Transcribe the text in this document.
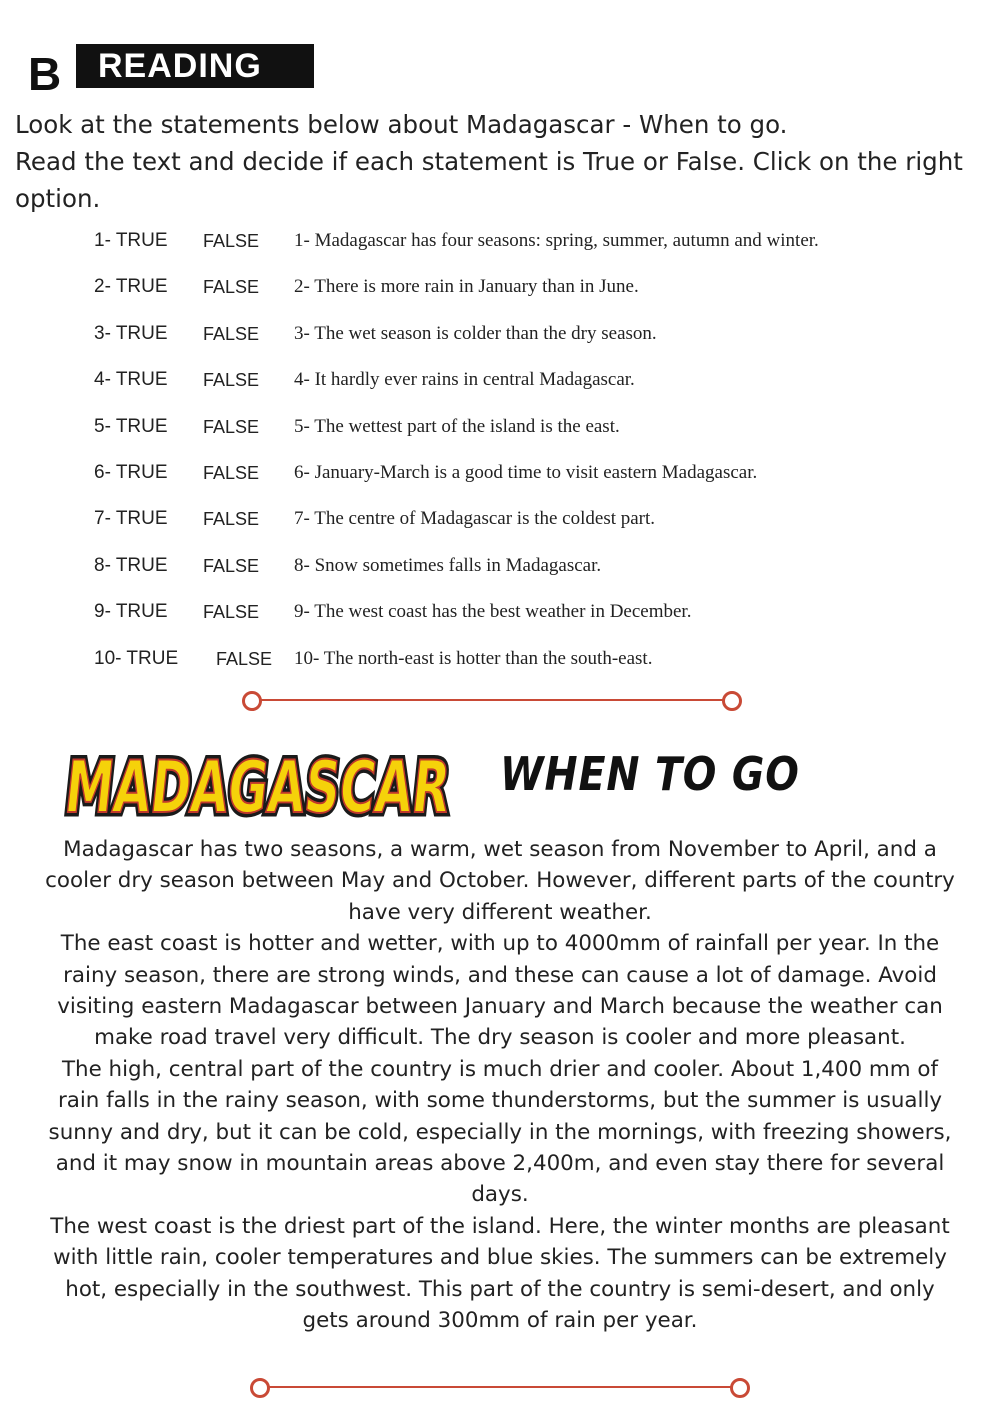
B	READING

Look at the statements below about Madagascar - When to go.

Read the text and decide if each statement is True or False. Click on the right option.

1- TRUE FALSE 1- Madagascar has four seasons: spring, summer, autumn and winter.
2- TRUE FALSE 2- There is more rain in January than in June.
3- TRUE FALSE 3- The wet season is colder than the dry season.
4- TRUE FALSE 4- It hardly ever rains in central Madagascar.
5- TRUE FALSE 5- The wettest part of the island is the east.
6- TRUE FALSE 6- January-March is a good time to visit eastern Madagascar.
7- TRUE FALSE 7- The centre of Madagascar is the coldest part.
8- TRUE FALSE 8- Snow sometimes falls in Madagascar.
9- TRUE FALSE 9- The west coast has the best weather in December.
10- TRUE FALSE 10- The north-east is hotter than the south-east.
MADAGASCAR
MADAGASCAR
WHEN TO GO

Madagascar has two seasons, a warm, wet season from November to April, and a cooler dry season between May and October. However, different parts of the country have very different weather.

The east coast is hotter and wetter, with up to 4000mm of rainfall per year. In the rainy season, there are strong winds, and these can cause a lot of damage. Avoid visiting eastern Madagascar between January and March because the weather can make road travel very difficult. The dry season is cooler and more pleasant.

The high, central part of the country is much drier and cooler. About 1,400 mm of rain falls in the rainy season, with some thunderstorms, but the summer is usually sunny and dry, but it can be cold, especially in the mornings, with freezing showers, and it may snow in mountain areas above 2,400m, and even stay there for several days.

The west coast is the driest part of the island. Here, the winter months are pleasant with little rain, cooler temperatures and blue skies. The summers can be extremely hot, especially in the southwest. This part of the country is semi-desert, and only gets around 300mm of rain per year.
